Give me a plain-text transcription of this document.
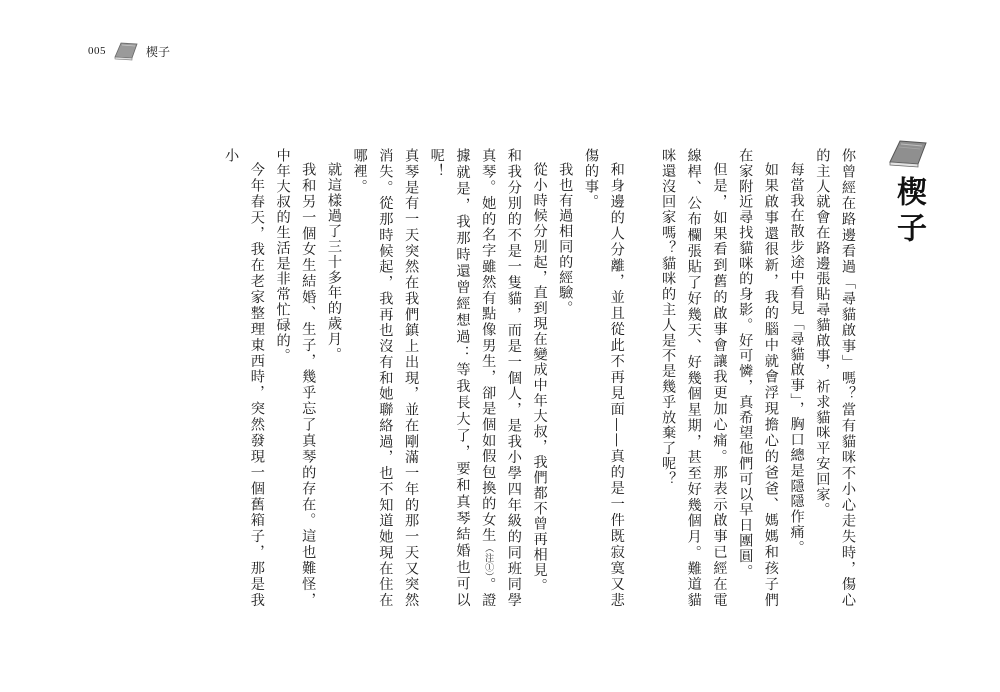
005	楔子
楔子

你曾經在路邊看過「尋貓啟事」嗎？當有貓咪不小心走失時，傷心的主人就會在路邊張貼尋貓啟事，祈求貓咪平安回家。

每當我在散步途中看見「尋貓啟事」，胸口總是隱隱作痛。

如果啟事還很新，我的腦中就會浮現擔心的爸爸、媽媽和孩子們在家附近尋找貓咪的身影。好可憐，真希望他們可以早日團圓。

但是，如果看到舊的啟事會讓我更加心痛。那表示啟事已經在電線桿、公布欄張貼了好幾天、好幾個星期，甚至好幾個月。難道貓咪還沒回家嗎？貓咪的主人是不是幾乎放棄了呢？

和身邊的人分離，並且從此不再見面——真的是一件既寂寞又悲傷的事。

我也有過相同的經驗。

從小時候分別起，直到現在變成中年大叔，我們都不曾再相見。

和我分別的不是一隻貓，而是一個人，是我小學四年級的同班同學真琴。她的名字雖然有點像男生，卻是個如假包換的女生（注①）。證據就是，我那時還曾經想過：等我長大了，要和真琴結婚也可以呢！

真琴是有一天突然在我們鎮上出現，並在剛滿一年的那一天又突然消失。從那時候起，我再也沒有和她聯絡過，也不知道她現在住在哪裡。

就這樣過了三十多年的歲月。

我和另一個女生結婚、生子，幾乎忘了真琴的存在。這也難怪，中年大叔的生活是非常忙碌的。

今年春天，我在老家整理東西時，突然發現一個舊箱子，那是我小
